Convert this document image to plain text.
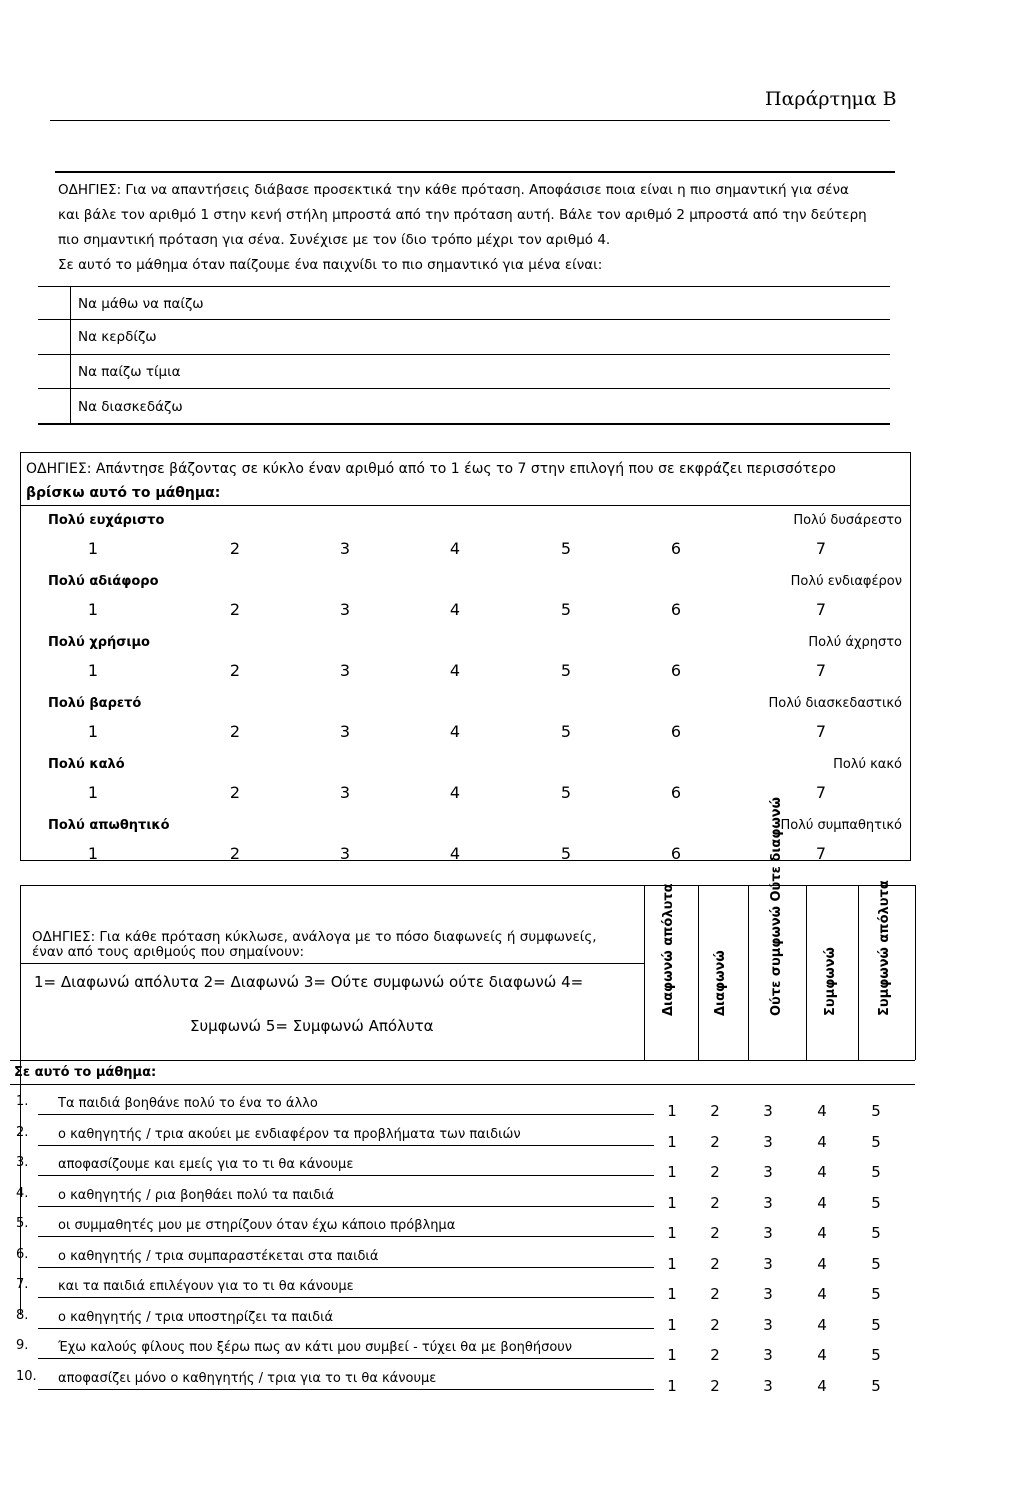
Παράρτημα Β
ΟΔΗΓΙΕΣ: Για να απαντήσεις διάβασε προσεκτικά την κάθε πρόταση. Αποφάσισε ποια είναι η πιο σημαντική για σένα
και βάλε τον αριθμό 1 στην κενή στήλη μπροστά από την πρόταση αυτή. Βάλε τον αριθμό 2 μπροστά από την δεύτερη
πιο σημαντική πρόταση για σένα. Συνέχισε με τον ίδιο τρόπο μέχρι τον αριθμό 4.
Σε αυτό το μάθημα όταν παίζουμε ένα παιχνίδι το πιο σημαντικό για μένα είναι:
Να μάθω να παίζω
Να κερδίζω
Να παίζω τίμια
Να διασκεδάζω
ΟΔΗΓΙΕΣ: Απάντησε βάζοντας σε κύκλο έναν αριθμό από το 1 έως το 7 στην επιλογή που σε εκφράζει περισσότερο
βρίσκω αυτό το μάθημα:
Πολύ ευχάριστο	Πολύ δυσάρεστο
1	2	3	4	5	6	7
Πολύ αδιάφορο	Πολύ ενδιαφέρον
1	2	3	4	5	6	7
Πολύ χρήσιμο	Πολύ άχρηστο
1	2	3	4	5	6	7
Πολύ βαρετό	Πολύ διασκεδαστικό
1	2	3	4	5	6	7
Πολύ καλό	Πολύ κακό
1	2	3	4	5	6	7
Πολύ απωθητικό	Πολύ συμπαθητικό
1	2	3	4	5	6	7
ΟΔΗΓΙΕΣ: Για κάθε πρόταση κύκλωσε, ανάλογα με το πόσο διαφωνείς ή συμφωνείς,
έναν από τους αριθμούς που σημαίνουν:
1= Διαφωνώ απόλυτα 2= Διαφωνώ 3= Ούτε συμφωνώ ούτε διαφωνώ 4=
Συμφωνώ 5= Συμφωνώ Απόλυτα
Διαφωνώ απόλυτα	Διαφωνώ	Ούτε συμφωνώ Ούτε διαφωνώ	Συμφωνώ	Συμφωνώ απόλυτα
Σε αυτό το μάθημα:
1. Τα παιδιά βοηθάνε πολύ το ένα το άλλο	1	2	3	4	5
2. ο καθηγητής / τρια ακούει με ενδιαφέρον τα προβλήματα των παιδιών	1	2	3	4	5
3. αποφασίζουμε και εμείς για το τι θα κάνουμε	1	2	3	4	5
4. ο καθηγητής / ρια βοηθάει πολύ τα παιδιά	1	2	3	4	5
5. οι συμμαθητές μου με στηρίζουν όταν έχω κάποιο πρόβλημα	1	2	3	4	5
6. ο καθηγητής / τρια συμπαραστέκεται στα παιδιά	1	2	3	4	5
7. και τα παιδιά επιλέγουν για το τι θα κάνουμε	1	2	3	4	5
8. ο καθηγητής / τρια υποστηρίζει τα παιδιά	1	2	3	4	5
9. Έχω καλούς φίλους που ξέρω πως αν κάτι μου συμβεί - τύχει θα με βοηθήσουν	1	2	3	4	5
10. αποφασίζει μόνο ο καθηγητής / τρια για το τι θα κάνουμε	1	2	3	4	5
